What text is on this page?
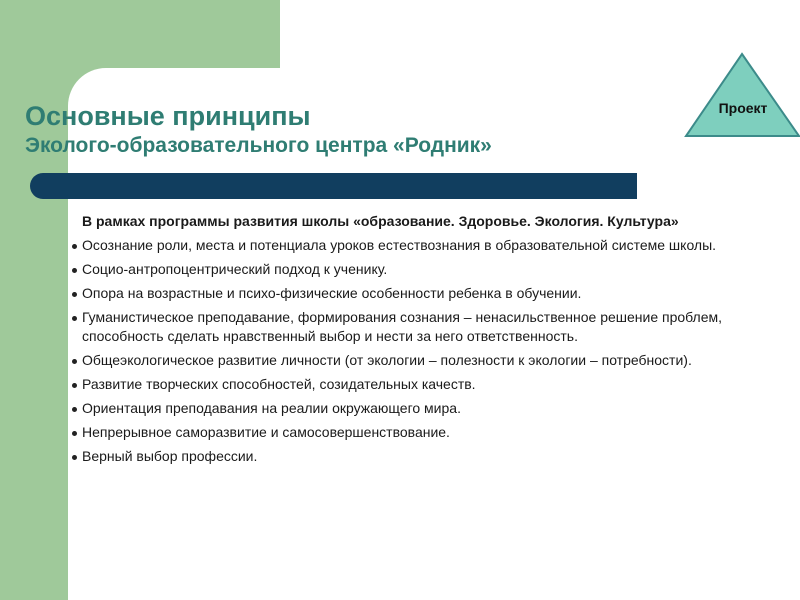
Основные принципы
Эколого-образовательного центра «Родник»
Проект
В рамках программы развития школы «образование. Здоровье. Экология. Культура»
Осознание роли, места и потенциала уроков естествознания в образовательной системе школы.
Социо-антропоцентрический подход к ученику.
Опора на возрастные и психо-физические особенности ребенка в обучении.
Гуманистическое преподавание, формирования сознания – ненасильственное решение проблем, способность сделать нравственный выбор и нести за него ответственность.
Общеэкологическое развитие личности (от экологии – полезности к экологии – потребности).
Развитие творческих способностей, созидательных качеств.
Ориентация преподавания на реалии окружающего мира.
Непрерывное саморазвитие и самосовершенствование.
Верный выбор профессии.
